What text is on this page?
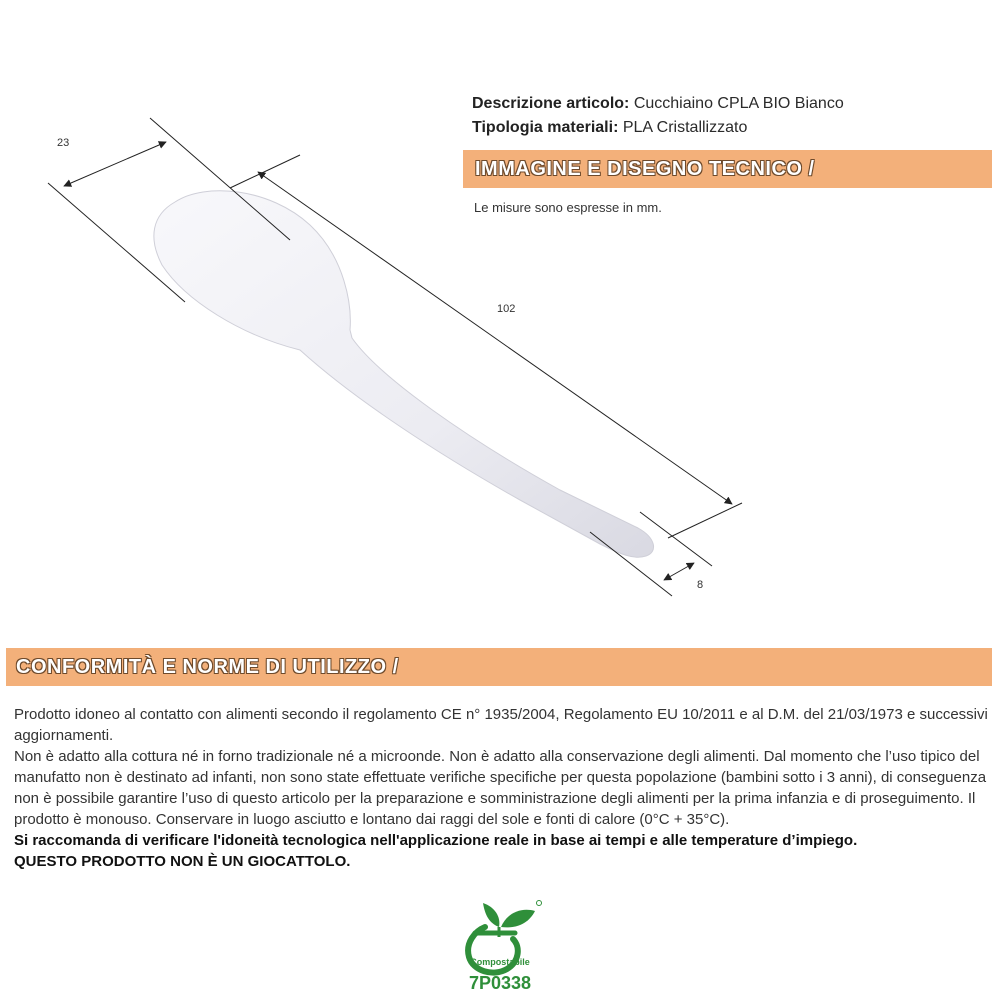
Descrizione articolo: Cucchiaino CPLA BIO Bianco
Tipologia materiali: PLA Cristallizzato
IMMAGINE E DISEGNO TECNICO /
Le misure sono espresse in mm.
23
102
8
CONFORMITÀ E NORME DI UTILIZZO /

Prodotto idoneo al contatto con alimenti secondo il regolamento CE n° 1935/2004, Regolamento EU 10/2011 e al D.M. del 21/03/1973 e successivi aggiornamenti.

Non è adatto alla cottura né in forno tradizionale né a microonde. Non è adatto alla conservazione degli alimenti. Dal momento che l’uso tipico del manufatto non è destinato ad infanti, non sono state effettuate verifiche specifiche per questa popolazione (bambini sotto i 3 anni), di conseguenza non è possibile garantire l’uso di questo articolo per la preparazione e somministrazione degli alimenti per la prima infanzia e di proseguimento. Il prodotto è monouso. Conservare in luogo asciutto e lontano dai raggi del sole e fonti di calore (0°C + 35°C).

Si raccomanda di verificare l'idoneità tecnologica nell'applicazione reale in base ai tempi e alle temperature d’impiego.

QUESTO PRODOTTO NON È UN GIOCATTOLO.

Compostabile
7P0338
